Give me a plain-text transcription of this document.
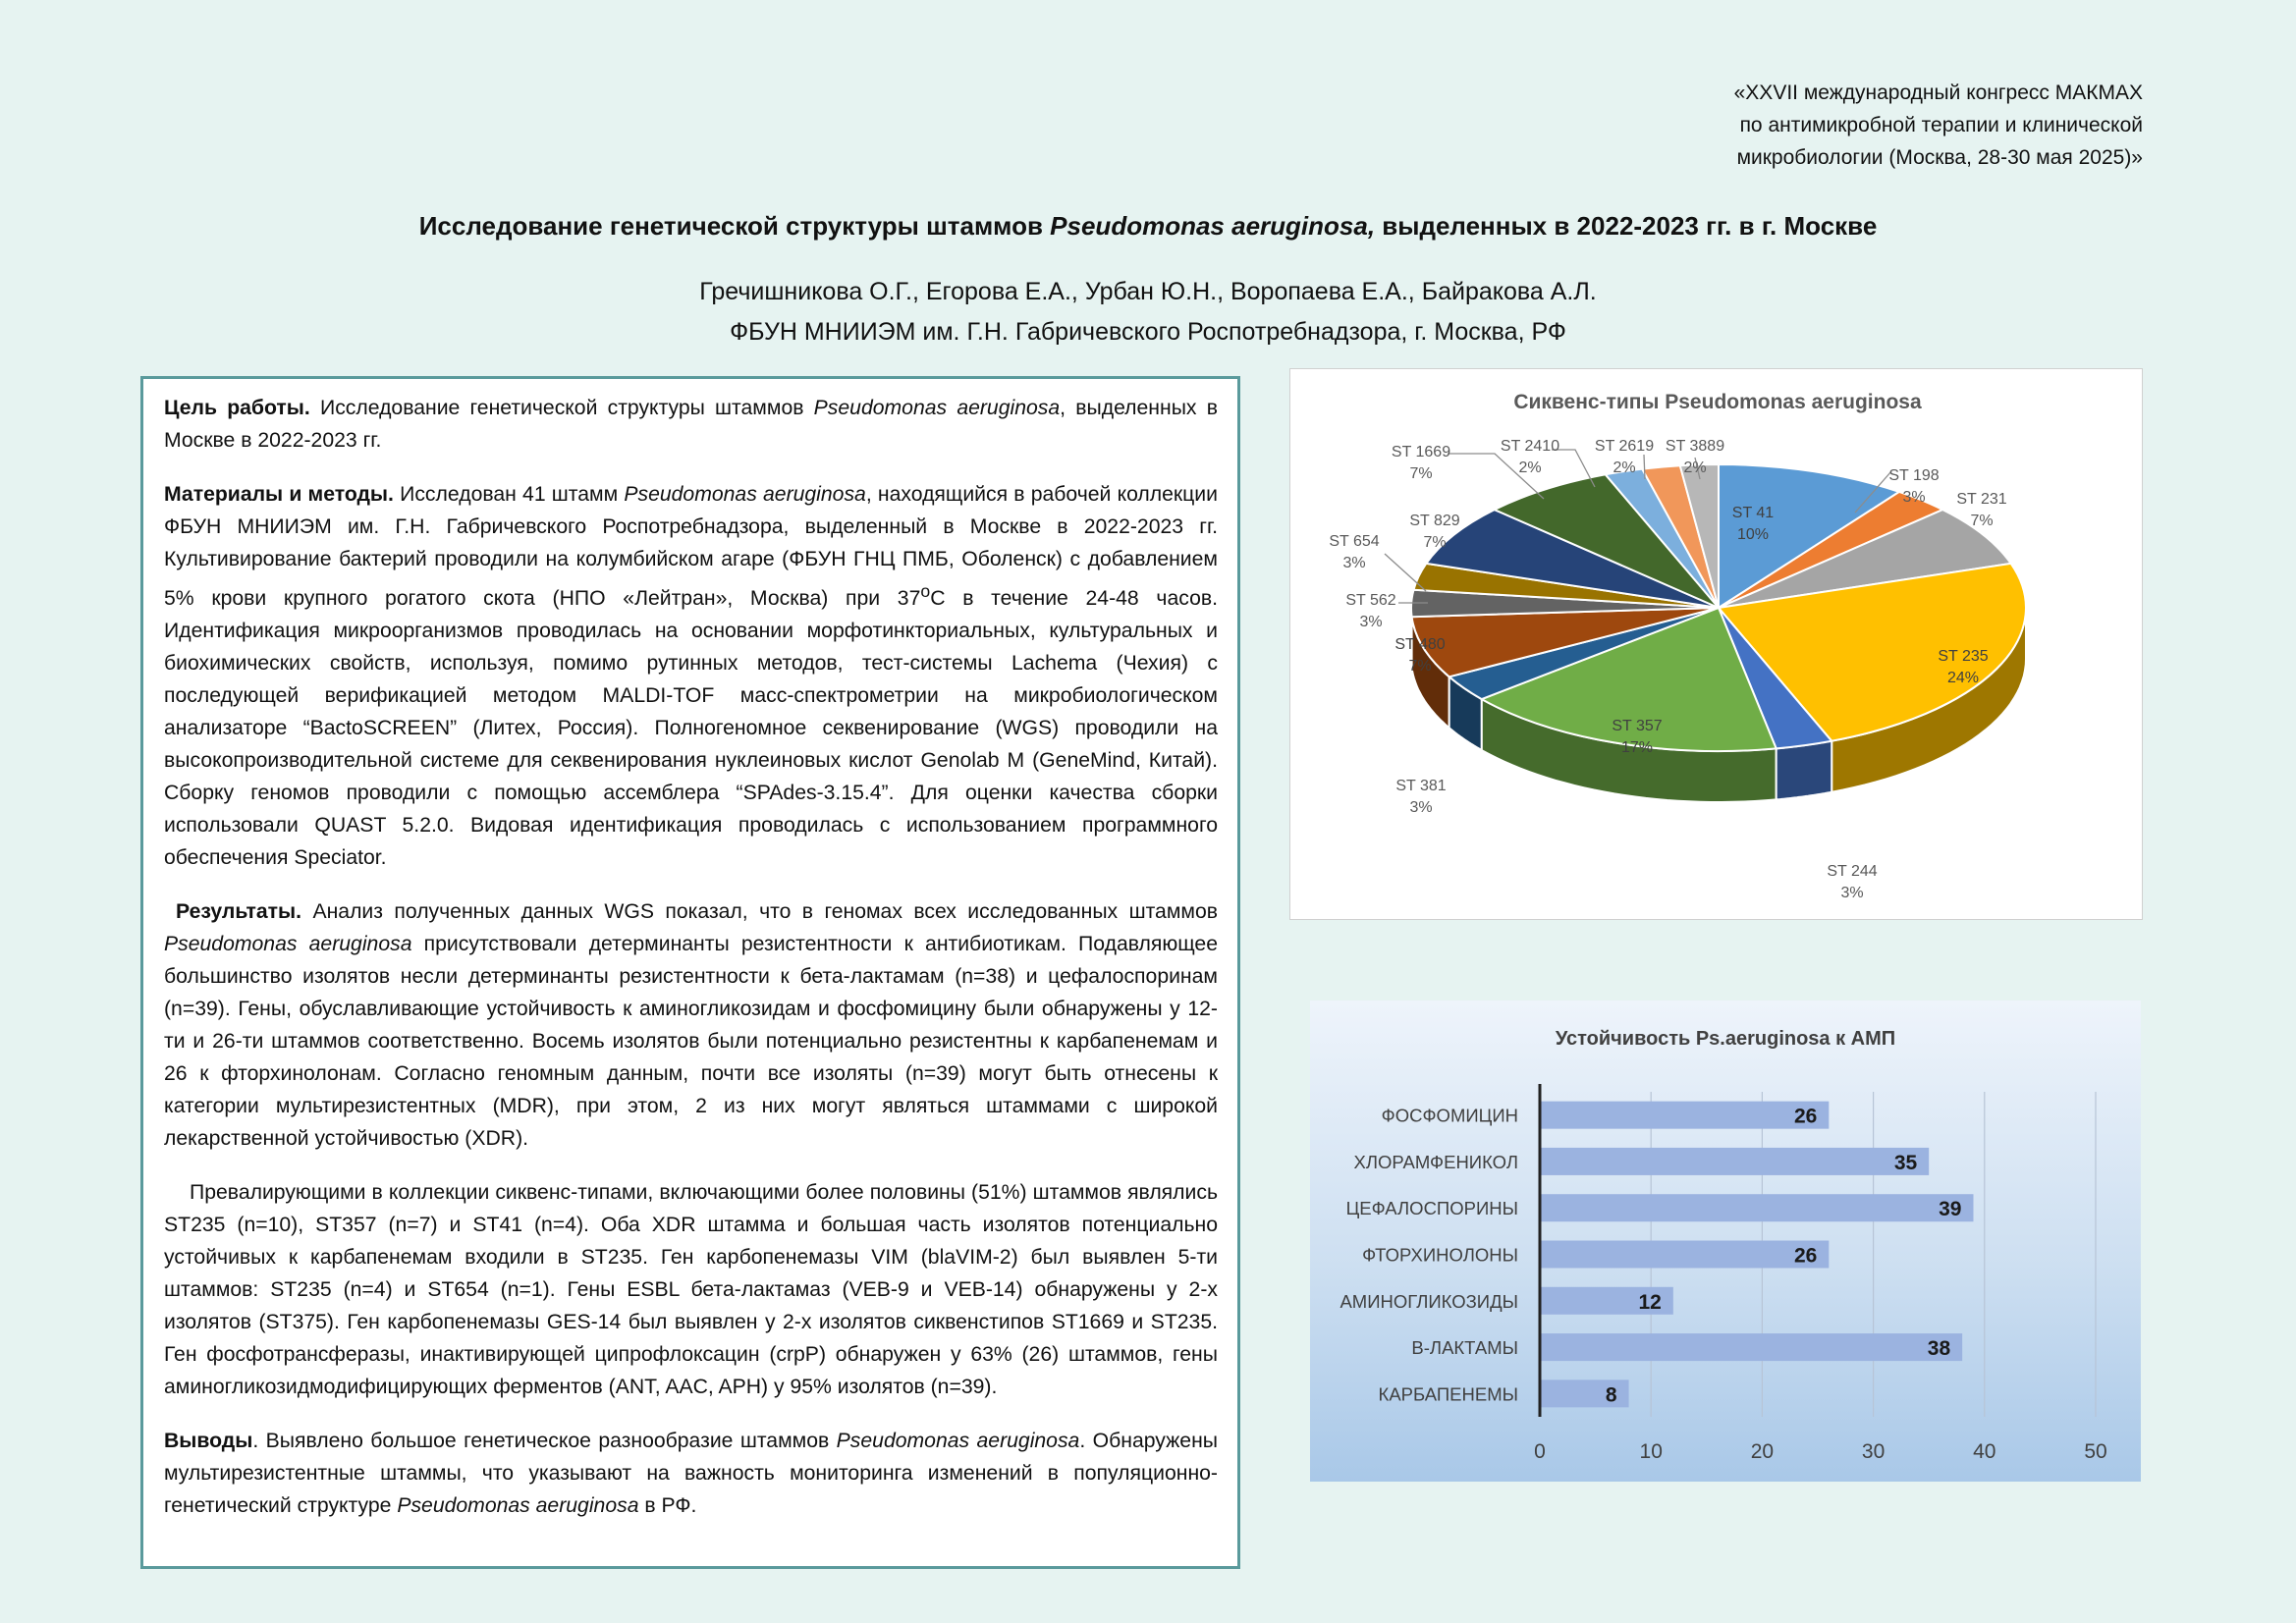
«XXVII международный конгресс МАКМАХ
по антимикробной терапии и клинической
микробиологии (Москва, 28-30 мая 2025)»
Исследование генетической структуры штаммов Pseudomonas aeruginosa, выделенных в 2022-2023 гг. в г. Москве
Гречишникова О.Г., Егорова Е.А., Урбан Ю.Н., Воропаева Е.А., Байракова А.Л.
ФБУН МНИИЭМ им. Г.Н. Габричевского Роспотребнадзора, г. Москва, РФ

Цель работы. Исследование генетической структуры штаммов Pseudomonas aeruginosa, выделенных в Москве в 2022-2023 гг.

Материалы и методы. Исследован 41 штамм Pseudomonas aeruginosa, находящийся в рабочей коллекции ФБУН МНИИЭМ им. Г.Н. Габричевского Роспотребнадзора, выделенный в Москве в 2022-2023 гг. Культивирование бактерий проводили на колумбийском агаре (ФБУН ГНЦ ПМБ, Оболенск) с добавлением 5% крови крупного рогатого скота (НПО «Лейтран», Москва) при $37^оС$ в течение 24-48 часов. Идентификация микроорганизмов проводилась на основании морфотинкториальных, культуральных и биохимических свойств, используя, помимо рутинных методов, тест-системы Lachema (Чехия) с последующей верификацией методом MALDI-TOF масс-спектрометрии на микробиологическом анализаторе “BactoSCREEN” (Литех, Россия). Полногеномное секвенирование (WGS) проводили на высокопроизводительной системе для секвенирования нуклеиновых кислот Genolab M (GeneMind, Китай). Сборку геномов проводили с помощью ассемблера “SPAdes-3.15.4”. Для оценки качества сборки использовали QUAST 5.2.0. Видовая идентификация проводилась с использованием программного обеспечения Speciator.

Результаты. Анализ полученных данных WGS показал, что в геномах всех исследованных штаммов Pseudomonas aeruginosa присутствовали детерминанты резистентности к антибиотикам. Подавляющее большинство изолятов несли детерминанты резистентности к бета-лактамам (n=38) и цефалоспоринам (n=39). Гены, обуславливающие устойчивость к аминогликозидам и фосфомицину были обнаружены у 12-ти и 26-ти штаммов соответственно. Восемь изолятов были потенциально резистентны к карбапенемам и 26 к фторхинолонам. Согласно геномным данным, почти все изоляты (n=39) могут быть отнесены к категории мультирезистентных (MDR), при этом, 2 из них могут являться штаммами с широкой лекарственной устойчивостью (XDR).

Превалирующими в коллекции сиквенс-типами, включающими более половины (51%) штаммов являлись ST235 (n=10), ST357 (n=7) и ST41 (n=4). Оба XDR штамма и большая часть изолятов потенциально устойчивых к карбапенемам входили в ST235. Ген карбопенемазы VIM (blaVIM-2) был выявлен 5-ти штаммов: ST235 (n=4) и ST654 (n=1). Гены ESBL бета-лактамаз (VEB-9 и VEB-14) обнаружены у 2-х изолятов (ST375). Ген карбопенемазы GES-14 был выявлен у 2-х изолятов сиквенстипов ST1669 и ST235. Ген фосфотрансферазы, инактивирующей ципрофлоксацин (crpP) обнаружен у 63% (26) штаммов, гены аминогликозидмодифицирующих ферментов (ANT, AAC, APH) у 95% изолятов (n=39).

Выводы. Выявлено большое генетическое разнообразие штаммов Pseudomonas aeruginosa. Обнаружены мультирезистентные штаммы, что указывают на важность мониторинга изменений в популяционно-генетический структуре Pseudomonas aeruginosa в РФ.

Сиквенс-типы Pseudomonas aeruginosa
ST 41
10%
ST 198
3% ST 231
7%
ST 235
24%
ST 244
3%
ST 357
17%
ST 381
3%
ST 480
7%
ST 562
3%
ST 654
3%
ST 829
7%
ST 1669
7%
ST 2410
2%
ST 2619
2%
ST 3889
2%
Устойчивость Ps.aeruginosa к АМП
0	10	20	30	40	50
ФОСФОМИЦИН	26
ХЛОРАМФЕНИКОЛ	35
ЦЕФАЛОСПОРИНЫ	39
ФТОРХИНОЛОНЫ	26
АМИНОГЛИКОЗИДЫ	12
B-ЛАКТАМЫ	38
КАРБАПЕНЕМЫ	8
